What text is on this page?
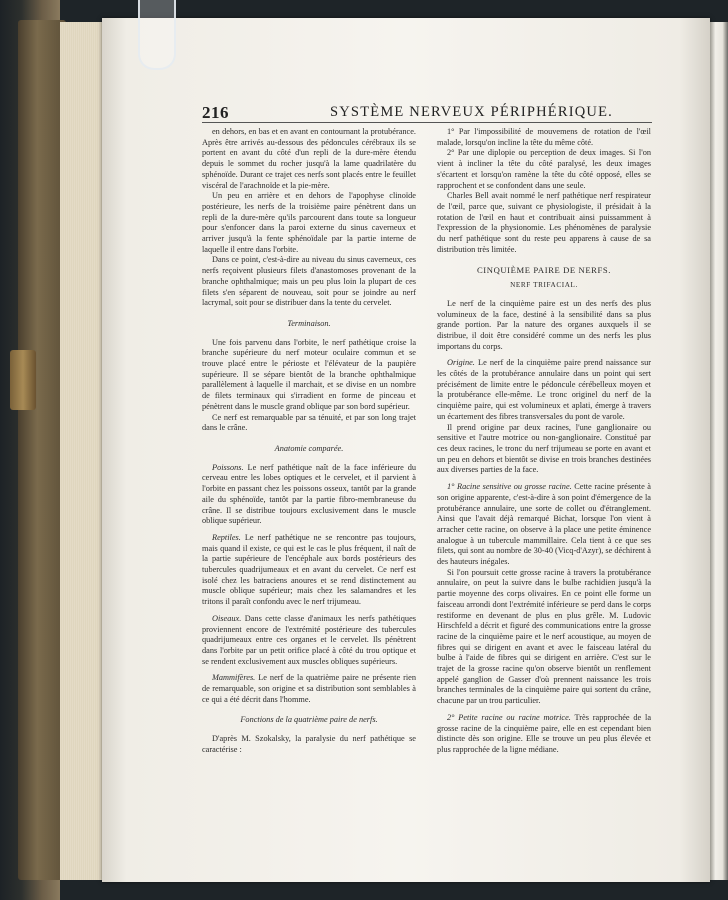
216	SYSTÈME NERVEUX PÉRIPHÉRIQUE.

en dehors, en bas et en avant en contournant la protubérance. Après être arrivés au-dessous des pédoncules cérébraux ils se portent en avant du côté d'un repli de la dure-mère étendu depuis le sommet du rocher jusqu'à la lame quadrilatère du sphénoïde. Durant ce trajet ces nerfs sont placés entre le feuillet viscéral de l'arachnoïde et la pie-mère.

Un peu en arrière et en dehors de l'apophyse clinoïde postérieure, les nerfs de la troisième paire pénètrent dans un repli de la dure-mère qu'ils parcourent dans toute sa longueur pour s'enfoncer dans la paroi externe du sinus caverneux et arriver jusqu'à la fente sphénoïdale par la partie interne de laquelle il entre dans l'orbite.

Dans ce point, c'est-à-dire au niveau du sinus caverneux, ces nerfs reçoivent plusieurs filets d'anastomoses provenant de la branche ophthalmique; mais un peu plus loin la plupart de ces filets s'en séparent de nouveau, soit pour se joindre au nerf lacrymal, soit pour se distribuer dans la tente du cervelet.

Terminaison.

Une fois parvenu dans l'orbite, le nerf pathétique croise la branche supérieure du nerf moteur oculaire commun et se trouve placé entre le périoste et l'élévateur de la paupière supérieure. Il se sépare bientôt de la branche ophthalmique parallèlement à laquelle il marchait, et se divise en un nombre de filets terminaux qui s'irradient en forme de pinceau et pénètrent dans le muscle grand oblique par son bord supérieur.

Ce nerf est remarquable par sa ténuité, et par son long trajet dans le crâne.

Anatomie comparée.

Poissons. Le nerf pathétique naît de la face inférieure du cerveau entre les lobes optiques et le cervelet, et il parvient à l'orbite en passant chez les poissons osseux, tantôt par la grande aile du sphénoïde, tantôt par la partie fibro-membraneuse du crâne. Il se distribue toujours exclusivement dans le muscle oblique supérieur.

Reptiles. Le nerf pathétique ne se rencontre pas toujours, mais quand il existe, ce qui est le cas le plus fréquent, il naît de la partie supérieure de l'encéphale aux bords postérieurs des tubercules quadrijumeaux et en avant du cervelet. Ce nerf est isolé chez les batraciens anoures et se rend distinctement au muscle oblique supérieur; mais chez les salamandres et les tritons il paraît confondu avec le nerf trijumeau.

Oiseaux. Dans cette classe d'animaux les nerfs pathétiques proviennent encore de l'extrémité postérieure des tubercules quadrijumeaux entre ces organes et le cervelet. Ils pénètrent dans l'orbite par un petit orifice placé à côté du trou optique et se rendent exclusivement aux muscles obliques supérieurs.

Mammifères. Le nerf de la quatrième paire ne présente rien de remarquable, son origine et sa distribution sont semblables à ce qui a été décrit dans l'homme.

Fonctions de la quatrième paire de nerfs.

D'après M. Szokalsky, la paralysie du nerf pathétique se caractérise :

1° Par l'impossibilité de mouvemens de rotation de l'œil malade, lorsqu'on incline la tête du même côté.

2° Par une diplopie ou perception de deux images. Si l'on vient à incliner la tête du côté paralysé, les deux images s'écartent et lorsqu'on ramène la tête du côté opposé, elles se rapprochent et se confondent dans une seule.

Charles Bell avait nommé le nerf pathétique nerf respirateur de l'œil, parce que, suivant ce physiologiste, il présidait à la rotation de l'œil en haut et contribuait ainsi puissamment à l'expression de la physionomie. Les phénomènes de paralysie du nerf pathétique sont du reste peu apparens à cause de sa distribution très limitée.

CINQUIÈME PAIRE DE NERFS.

NERF TRIFACIAL.

Le nerf de la cinquième paire est un des nerfs des plus volumineux de la face, destiné à la sensibilité dans sa plus grande portion. Par la nature des organes auxquels il se distribue, il doit être considéré comme un des nerfs les plus importans du corps.

Origine. Le nerf de la cinquième paire prend naissance sur les côtés de la protubérance annulaire dans un point qui sert précisément de limite entre le pédoncule cérébelleux moyen et la protubérance elle-même. Le tronc originel du nerf de la cinquième paire, qui est volumineux et aplati, émerge à travers un écartement des fibres transversales du pont de varole.

Il prend origine par deux racines, l'une ganglionaire ou sensitive et l'autre motrice ou non-ganglionaire. Constitué par ces deux racines, le tronc du nerf trijumeau se porte en avant et un peu en dehors et bientôt se divise en trois branches destinées aux diverses parties de la face.

1° Racine sensitive ou grosse racine. Cette racine présente à son origine apparente, c'est-à-dire à son point d'émergence de la protubérance annulaire, une sorte de collet ou d'étranglement. Ainsi que l'avait déjà remarqué Bichat, lorsque l'on vient à arracher cette racine, on observe à la place une petite éminence analogue à un tubercule mammillaire. Cela tient à ce que ses filets, qui sont au nombre de 30-40 (Vicq-d'Azyr), se déchirent à des hauteurs inégales.

Si l'on poursuit cette grosse racine à travers la protubérance annulaire, on peut la suivre dans le bulbe rachidien jusqu'à la partie moyenne des corps olivaires. En ce point elle forme un faisceau arrondi dont l'extrémité inférieure se perd dans le corps restiforme en devenant de plus en plus grêle. M. Ludovic Hirschfeld a décrit et figuré des communications entre la grosse racine de la cinquième paire et le nerf acoustique, au moyen de fibres qui se dirigent en avant et avec le faisceau latéral du bulbe à l'aide de fibres qui se dirigent en arrière. C'est sur le trajet de la grosse racine qu'on observe bientôt un renflement appelé ganglion de Gasser d'où prennent naissance les trois branches terminales de la cinquième paire qui sortent du crâne, chacune par un trou particulier.

2° Petite racine ou racine motrice. Très rapprochée de la grosse racine de la cinquième paire, elle en est cependant bien distincte dès son origine. Elle se trouve un peu plus élevée et plus rapprochée de la ligne médiane.
